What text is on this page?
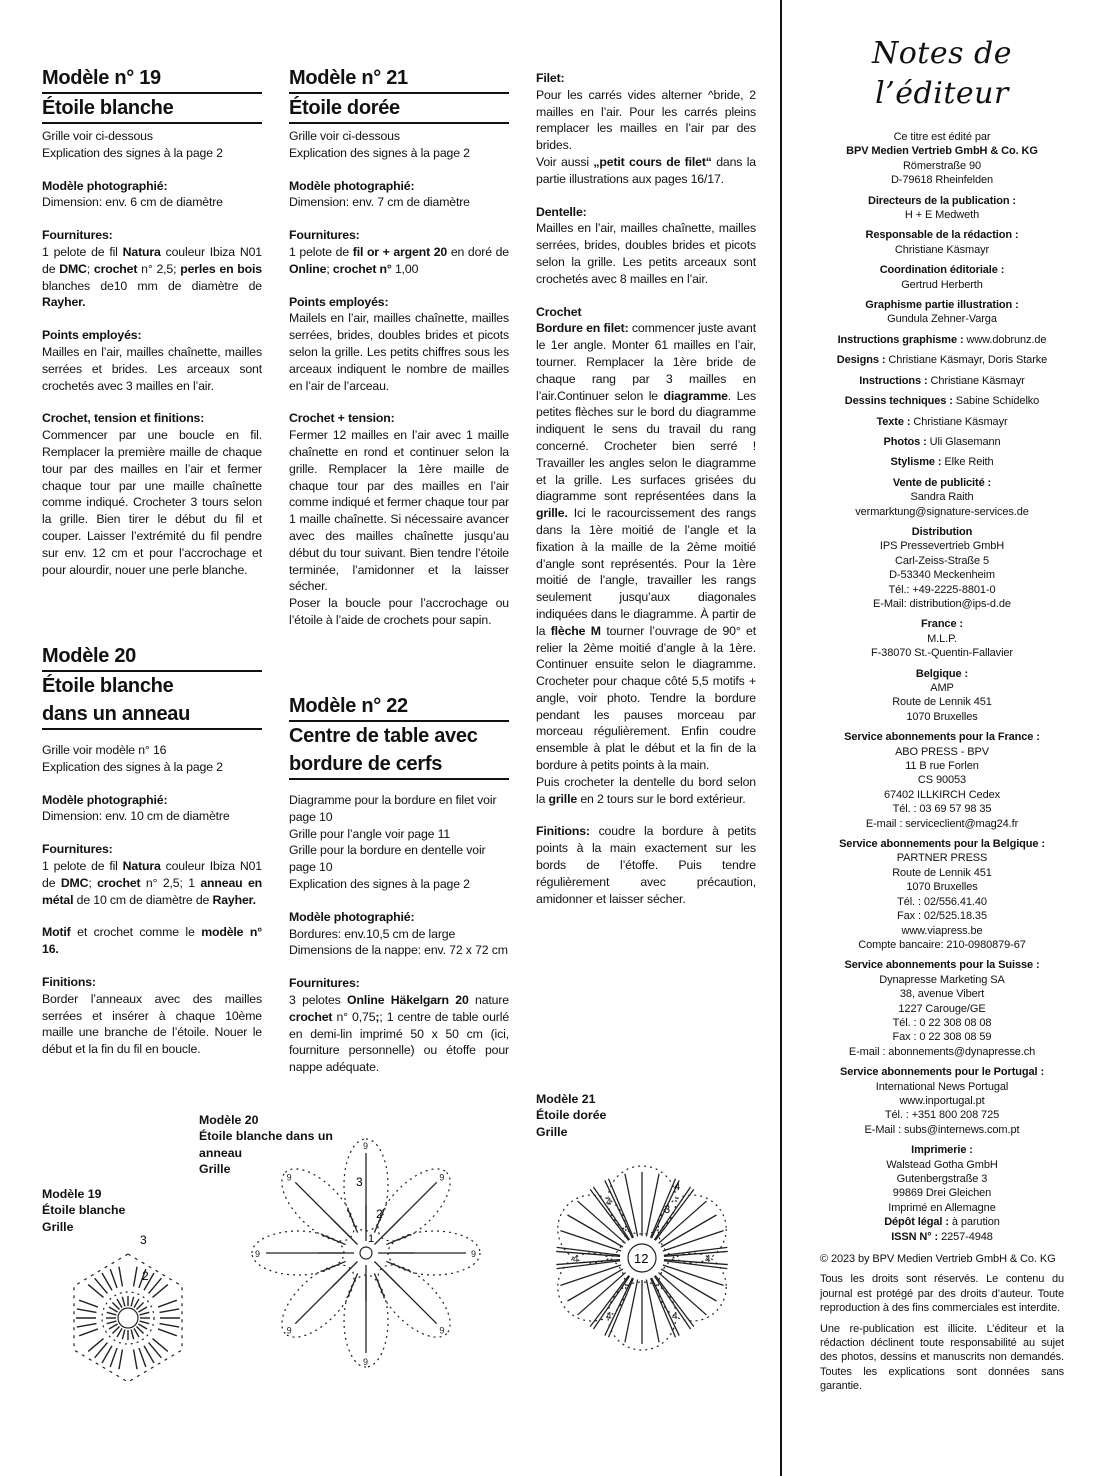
Modèle n° 19
Étoile blanche

Grille voir ci-dessous

Explication des signes à la page 2

Modèle photographié:

Dimension: env. 6 cm de diamètre

Fournitures:

1 pelote de fil Natura couleur Ibiza N01 de DMC; crochet n° 2,5; perles en bois blanches de10 mm de diamètre de Rayher.

Points employés:

Mailles en l’air, mailles chaînette, mailles serrées et brides. Les arceaux sont crochetés avec 3 mailles en l’air.

Crochet, tension et finitions:

Commencer par une boucle en fil. Remplacer la première maille de chaque tour par des mailles en l’air et fermer chaque tour par une maille chaînette comme indiqué. Crocheter 3 tours selon la grille. Bien tirer le début du fil et couper. Laisser l’extrémité du fil pendre sur env. 12 cm et pour l’accrochage et pour alourdir, nouer une perle blanche.

Modèle 20
Étoile blanche
dans un anneau

Grille voir modèle n° 16

Explication des signes à la page 2

Modèle photographié:

Dimension: env. 10 cm de diamètre

Fournitures:

1 pelote de fil Natura couleur Ibiza N01 de DMC; crochet n° 2,5; 1 anneau en métal de 10 cm de diamètre de Rayher.

Motif et crochet comme le modèle n° 16.

Finitions:

Border l’anneaux avec des mailles serrées et insérer à chaque 10ème maille une branche de l’étoile. Nouer le début et la fin du fil en boucle.

Modèle n° 21
Étoile dorée

Grille voir ci-dessous

Explication des signes à la page 2

Modèle photographié:

Dimension: env. 7 cm de diamètre

Fournitures:

1 pelote de fil or + argent 20 en doré de Online; crochet n° 1,00

Points employés:

Mailels en l’air, mailles chaînette, mailles serrées, brides, doubles brides et picots selon la grille. Les petits chiffres sous les arceaux indiquent le nombre de mailles en l’air de l’arceau.

Crochet + tension:

Fermer 12 mailles en l’air avec 1 maille chaînette en rond et continuer selon la grille. Remplacer la 1ère maille de chaque tour par des mailles en l’air comme indiqué et fermer chaque tour par 1 maille chaînette. Si nécessaire avancer avec des mailles chaînette jusqu’au début du tour suivant. Bien tendre l’étoile terminée, l’amidonner et la laisser sécher.

Poser la boucle pour l’accrochage ou l’étoile à l’aide de crochets pour sapin.

Modèle n° 22
Centre de table avec
bordure de cerfs

Diagramme pour la bordure en filet voir page 10

Grille pour l’angle voir page 11

Grille pour la bordure en dentelle voir page 10

Explication des signes à la page 2

Modèle photographié:

Bordures: env.10,5 cm de large

Dimensions de la nappe: env. 72 x 72 cm

Fournitures:

3 pelotes Online Häkelgarn 20 nature crochet n° 0,75;; 1 centre de table ourlé en demi-lin imprimé 50 x 50 cm (ici, fourniture personnelle) ou étoffe pour nappe adéquate.

Filet:

Pour les carrés vides alterner ^bride, 2 mailles en l’air. Pour les carrés pleins remplacer les mailles en l’air par des brides.

Voir aussi „petit cours de filet“ dans la partie illustrations aux pages 16/17.

Dentelle:

Mailles en l’air, mailles chaînette, mailles serrées, brides, doubles brides et picots selon la grille. Les petits arceaux sont crochetés avec 8 mailles en l’air.

Crochet

Bordure en filet: commencer juste avant le 1er angle. Monter 61 mailles en l’air, tourner. Remplacer la 1ère bride de chaque rang par 3 mailles en l’air.Continuer selon le diagramme. Les petites flèches sur le bord du diagramme indiquent le sens du travail du rang concerné. Crocheter bien serré ! Travailler les angles selon le diagramme et la grille. Les surfaces grisées du diagramme sont représentées dans la grille. Ici le racourcissement des rangs dans la 1ère moitié de l’angle et la fixation à la maille de la 2ème moitié d’angle sont représentés. Pour la 1ère moitié de l’angle, travailler les rangs seulement jusqu’aux diagonales indiquées dans le diagramme. À partir de la flèche M tourner l’ouvrage de 90° et relier la 2ème moitié d’angle à la 1ère. Continuer ensuite selon le diagramme. Crocheter pour chaque côté 5,5 motifs + angle, voir photo. Tendre la bordure pendant les pauses morceau par morceau régulièrement. Enfin coudre ensemble à plat le début et la fin de la bordure à petits points à la main.

Puis crocheter la dentelle du bord selon la grille en 2 tours sur le bord extérieur.

Finitions: coudre la bordure à petits points à la main exactement sur les bords de l’étoffe. Puis tendre régulièrement avec précaution, amidonner et laisser sécher.

Modèle 19
Étoile blanche
Grille
Modèle 20
Étoile blanche dans un
anneau
Grille
Modèle 21
Étoile dorée
Grille
3
2
3
2
1
9
9
9
9
9
9
9
9
12
4
3
4
4
4
4
4
Notes de l’éditeur
Ce titre est édité par
BPV Medien Vertrieb GmbH & Co. KG
Römerstraße 90
D-79618 Rheinfelden
Directeurs de la publication :
H + E Medweth
Responsable de la rédaction :
Christiane Käsmayr
Coordination éditoriale :
Gertrud Herberth
Graphisme partie illustration :
Gundula Zehner-Varga
Instructions graphisme : www.dobrunz.de
Designs : Christiane Käsmayr, Doris Starke
Instructions : Christiane Käsmayr
Dessins techniques : Sabine Schidelko
Texte : Christiane Käsmayr
Photos : Uli Glasemann
Stylisme : Elke Reith
Vente de publicité :
Sandra Raith
vermarktung@signature-services.de
Distribution
IPS Pressevertrieb GmbH
Carl-Zeiss-Straße 5
D-53340 Meckenheim
Tél.: +49-2225-8801-0
E-Mail: distribution@ips-d.de
France :
M.L.P.
F-38070 St.-Quentin-Fallavier
Belgique :
AMP
Route de Lennik 451
1070 Bruxelles
Service abonnements pour la France :
ABO PRESS - BPV
11 B rue Forlen
CS 90053
67402 ILLKIRCH Cedex
Tél. : 03 69 57 98 35
E-mail : serviceclient@mag24.fr
Service abonnements pour la Belgique :
PARTNER PRESS
Route de Lennik 451
1070 Bruxelles
Tél. : 02/556.41.40
Fax : 02/525.18.35
www.viapress.be
Compte bancaire: 210-0980879-67
Service abonnements pour la Suisse :
Dynapresse Marketing SA
38, avenue Vibert
1227 Carouge/GE
Tél. : 0 22 308 08 08
Fax : 0 22 308 08 59
E-mail : abonnements@dynapresse.ch
Service abonnements pour le Portugal :
International News Portugal
www.inportugal.pt
Tél. : +351 800 208 725
E-Mail : subs@internews.com.pt
Imprimerie :
Walstead Gotha GmbH
Gutenbergstraße 3
99869 Drei Gleichen
Imprimé en Allemagne
Dépôt légal : à parution
ISSN N° : 2257-4948
© 2023 by BPV Medien Vertrieb GmbH & Co. KG
Tous les droits sont réservés. Le contenu du journal est protégé par des droits d’auteur. Toute reproduction à des fins commerciales est interdite.
Une re-publication est illicite. L’éditeur et la rédaction déclinent toute responsabilité au sujet des photos, dessins et manuscrits non demandés. Toutes les explications sont données sans garantie.
